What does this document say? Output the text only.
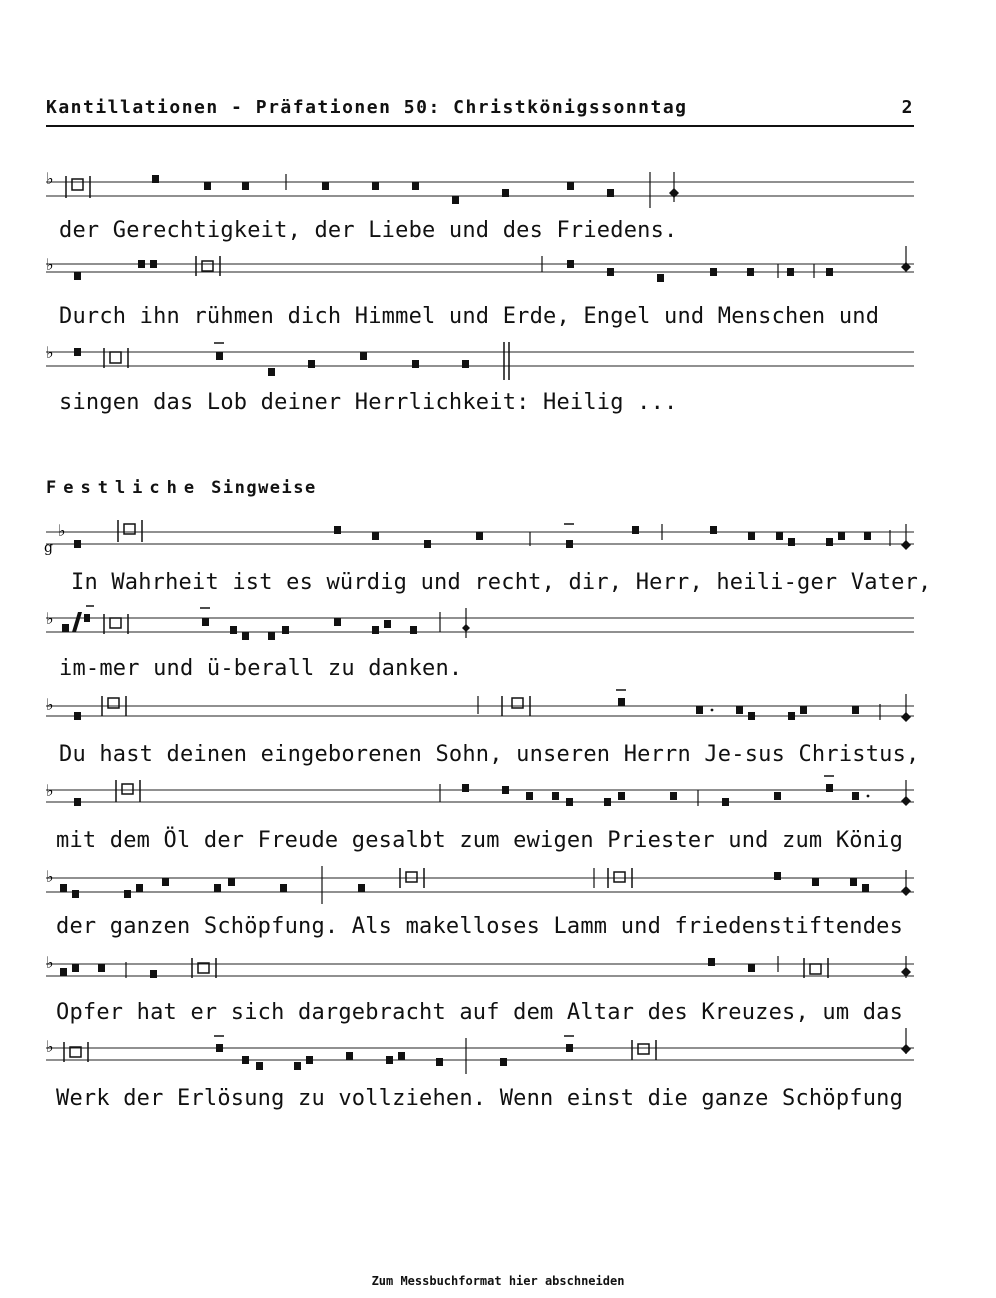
Kantillationen - Präfationen 50: Christkönigssonntag	2
♭
der Gerechtigkeit, der Liebe und des Friedens.
♭
Durch ihn rühmen dich Himmel und Erde, Engel und Menschen und
♭
singen das Lob deiner Herrlichkeit: Heilig ...
Festliche Singweise
♭
g
In Wahrheit ist es würdig und recht, dir, Herr, heili-ger Vater,
♭
im-mer und ü-berall zu danken.
♭
Du hast deinen eingeborenen Sohn, unseren Herrn Je-sus Christus,
♭
mit dem Öl der Freude gesalbt zum ewigen Priester und zum König
♭
der ganzen Schöpfung. Als makelloses Lamm und friedenstiftendes
♭
Opfer hat er sich dargebracht auf dem Altar des Kreuzes, um das
♭
Werk der Erlösung zu vollziehen. Wenn einst die ganze Schöpfung
Zum Messbuchformat hier abschneiden
